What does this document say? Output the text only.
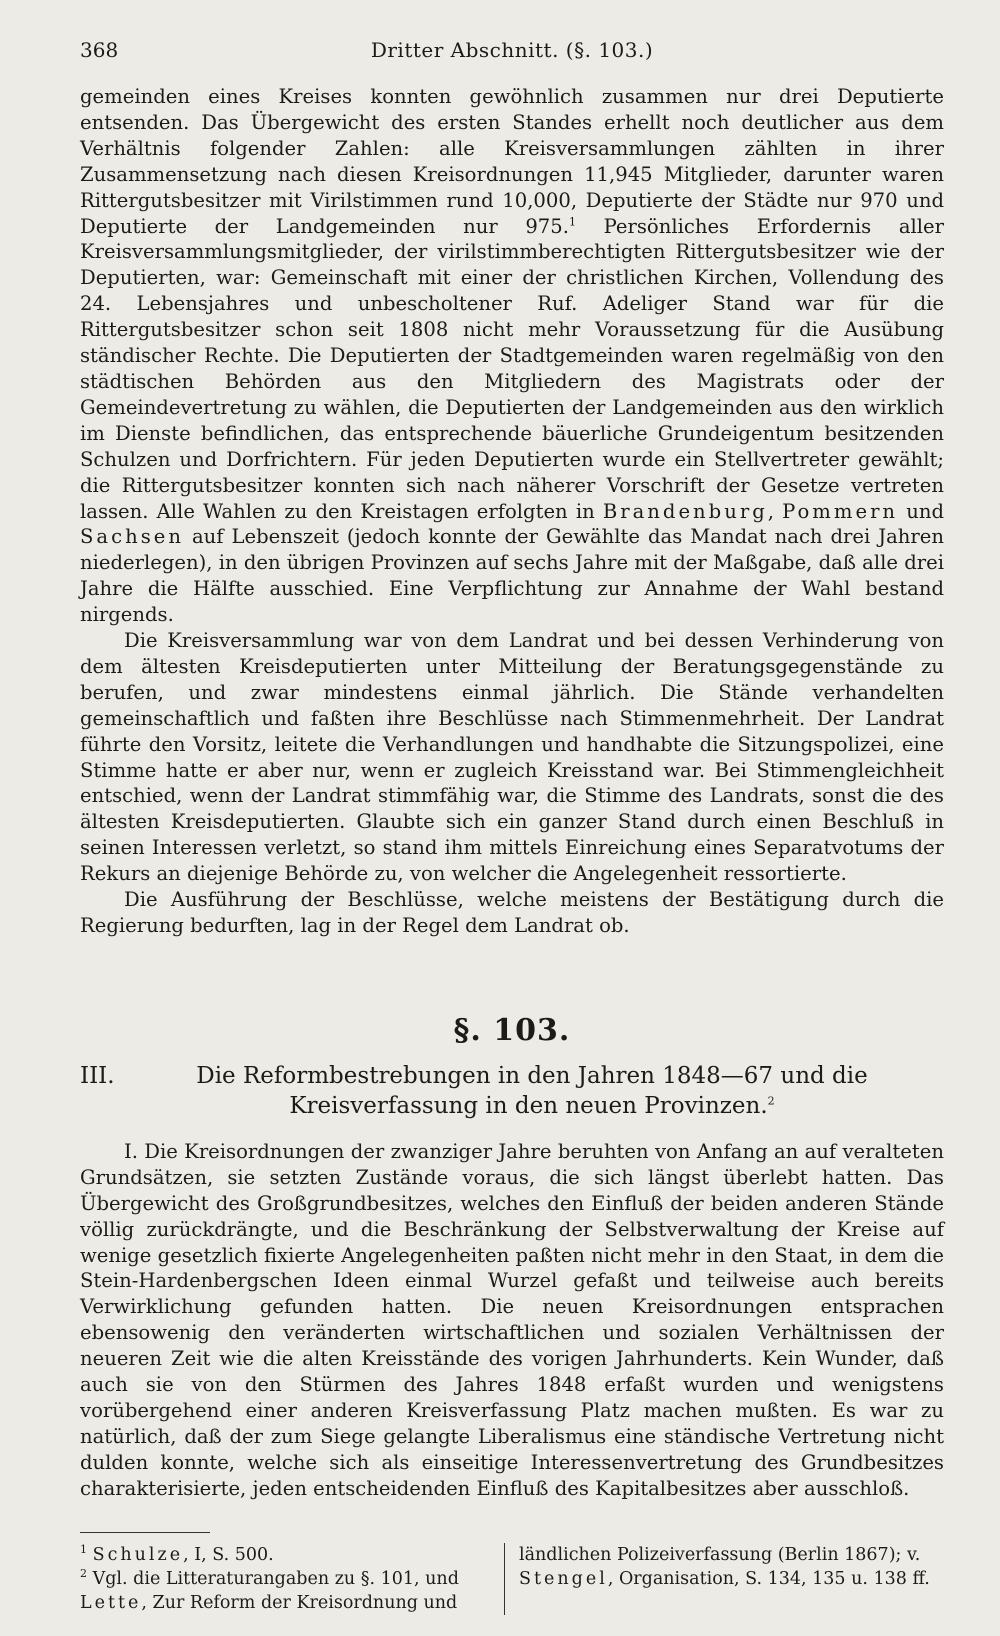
368	Dritter Abschnitt. (§. 103.)

gemeinden eines Kreises konnten gewöhnlich zusammen nur drei Deputierte entsenden. Das Übergewicht des ersten Standes erhellt noch deutlicher aus dem Verhältnis folgender Zahlen: alle Kreisversammlungen zählten in ihrer Zusammensetzung nach diesen Kreisordnungen 11,945 Mitglieder, darunter waren Rittergutsbesitzer mit Virilstimmen rund 10,000, Deputierte der Städte nur 970 und Deputierte der Landgemeinden nur 975.$^1$ Persönliches Erfordernis aller Kreisversammlungsmitglieder, der virilstimmberechtigten Rittergutsbesitzer wie der Deputierten, war: Gemeinschaft mit einer der christlichen Kirchen, Vollendung des 24. Lebensjahres und unbescholtener Ruf. Adeliger Stand war für die Rittergutsbesitzer schon seit 1808 nicht mehr Voraussetzung für die Ausübung ständischer Rechte. Die Deputierten der Stadtgemeinden waren regelmäßig von den städtischen Behörden aus den Mitgliedern des Magistrats oder der Gemeindevertretung zu wählen, die Deputierten der Landgemeinden aus den wirklich im Dienste befindlichen, das entsprechende bäuerliche Grundeigentum besitzenden Schulzen und Dorfrichtern. Für jeden Deputierten wurde ein Stellvertreter gewählt; die Rittergutsbesitzer konnten sich nach näherer Vorschrift der Gesetze vertreten lassen. Alle Wahlen zu den Kreistagen erfolgten in Brandenburg, Pommern und Sachsen auf Lebenszeit (jedoch konnte der Gewählte das Mandat nach drei Jahren niederlegen), in den übrigen Provinzen auf sechs Jahre mit der Maßgabe, daß alle drei Jahre die Hälfte ausschied. Eine Verpflichtung zur Annahme der Wahl bestand nirgends.

Die Kreisversammlung war von dem Landrat und bei dessen Verhinderung von dem ältesten Kreisdeputierten unter Mitteilung der Beratungsgegenstände zu berufen, und zwar mindestens einmal jährlich. Die Stände verhandelten gemeinschaftlich und faßten ihre Beschlüsse nach Stimmenmehrheit. Der Landrat führte den Vorsitz, leitete die Verhandlungen und handhabte die Sitzungspolizei, eine Stimme hatte er aber nur, wenn er zugleich Kreisstand war. Bei Stimmengleichheit entschied, wenn der Landrat stimmfähig war, die Stimme des Landrats, sonst die des ältesten Kreisdeputierten. Glaubte sich ein ganzer Stand durch einen Beschluß in seinen Interessen verletzt, so stand ihm mittels Einreichung eines Separatvotums der Rekurs an diejenige Behörde zu, von welcher die Angelegenheit ressortierte.

Die Ausführung der Beschlüsse, welche meistens der Bestätigung durch die Regierung bedurften, lag in der Regel dem Landrat ob.

§. 103.
III.	Die Reformbestrebungen in den Jahren 1848—67 und die Kreisverfassung in den neuen Provinzen.$^2$

I. Die Kreisordnungen der zwanziger Jahre beruhten von Anfang an auf veralteten Grundsätzen, sie setzten Zustände voraus, die sich längst überlebt hatten. Das Übergewicht des Großgrundbesitzes, welches den Einfluß der beiden anderen Stände völlig zurückdrängte, und die Beschränkung der Selbstverwaltung der Kreise auf wenige gesetzlich fixierte Angelegenheiten paßten nicht mehr in den Staat, in dem die Stein-Hardenbergschen Ideen einmal Wurzel gefaßt und teilweise auch bereits Verwirklichung gefunden hatten. Die neuen Kreisordnungen entsprachen ebensowenig den veränderten wirtschaftlichen und sozialen Verhältnissen der neueren Zeit wie die alten Kreisstände des vorigen Jahrhunderts. Kein Wunder, daß auch sie von den Stürmen des Jahres 1848 erfaßt wurden und wenigstens vorübergehend einer anderen Kreisverfassung Platz machen mußten. Es war zu natürlich, daß der zum Siege gelangte Liberalismus eine ständische Vertretung nicht dulden konnte, welche sich als einseitige Interessenvertretung des Grundbesitzes charakterisierte, jeden entscheidenden Einfluß des Kapitalbesitzes aber ausschloß.

$^1$ Schulze, I, S. 500.
$^2$ Vgl. die Litteraturangaben zu §. 101, und Lette, Zur Reform der Kreisordnung und
ländlichen Polizeiverfassung (Berlin 1867); v. Stengel, Organisation, S. 134, 135 u. 138 ff.
